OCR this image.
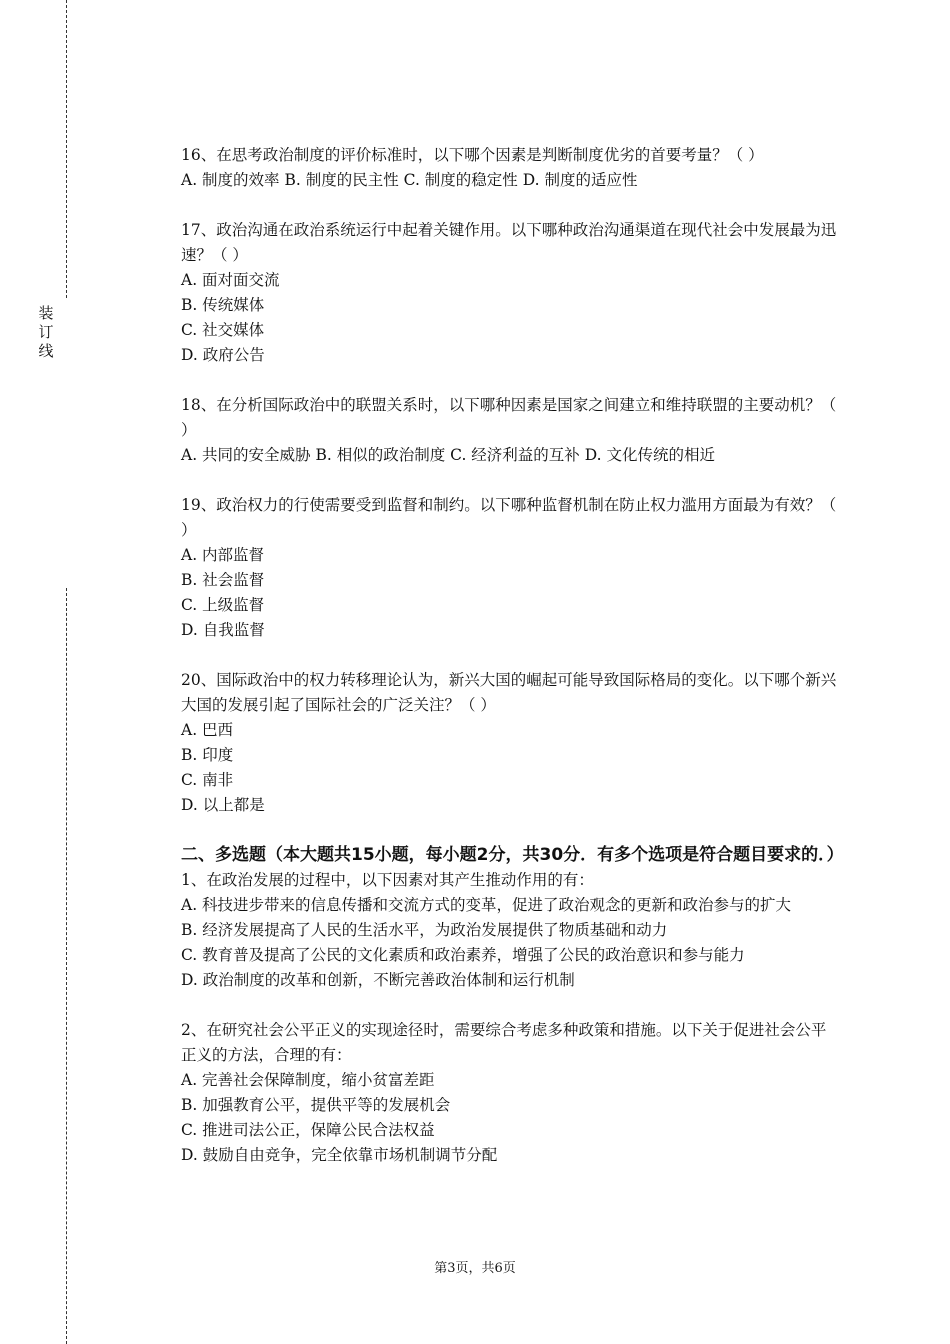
装
订
线

16、在思考政治制度的评价标准时，以下哪个因素是判断制度优劣的首要考量？（ ）

A. 制度的效率 B. 制度的民主性 C. 制度的稳定性 D. 制度的适应性

17、政治沟通在政治系统运行中起着关键作用。以下哪种政治沟通渠道在现代社会中发展最为迅速？（ ）

A. 面对面交流

B. 传统媒体

C. 社交媒体

D. 政府公告

18、在分析国际政治中的联盟关系时，以下哪种因素是国家之间建立和维持联盟的主要动机？（ ）

A. 共同的安全威胁 B. 相似的政治制度 C. 经济利益的互补 D. 文化传统的相近

19、政治权力的行使需要受到监督和制约。以下哪种监督机制在防止权力滥用方面最为有效？（ ）

A. 内部监督

B. 社会监督

C. 上级监督

D. 自我监督

20、国际政治中的权力转移理论认为，新兴大国的崛起可能导致国际格局的变化。以下哪个新兴大国的发展引起了国际社会的广泛关注？（ ）

A. 巴西

B. 印度

C. 南非

D. 以上都是

二、多选题（本大题共15小题，每小题2分，共30分．有多个选项是符合题目要求的．）

1、在政治发展的过程中，以下因素对其产生推动作用的有：

A. 科技进步带来的信息传播和交流方式的变革，促进了政治观念的更新和政治参与的扩大

B. 经济发展提高了人民的生活水平，为政治发展提供了物质基础和动力

C. 教育普及提高了公民的文化素质和政治素养，增强了公民的政治意识和参与能力

D. 政治制度的改革和创新，不断完善政治体制和运行机制

2、在研究社会公平正义的实现途径时，需要综合考虑多种政策和措施。以下关于促进社会公平正义的方法，合理的有：

A. 完善社会保障制度，缩小贫富差距

B. 加强教育公平，提供平等的发展机会

C. 推进司法公正，保障公民合法权益

D. 鼓励自由竞争，完全依靠市场机制调节分配

第3页，共6页
